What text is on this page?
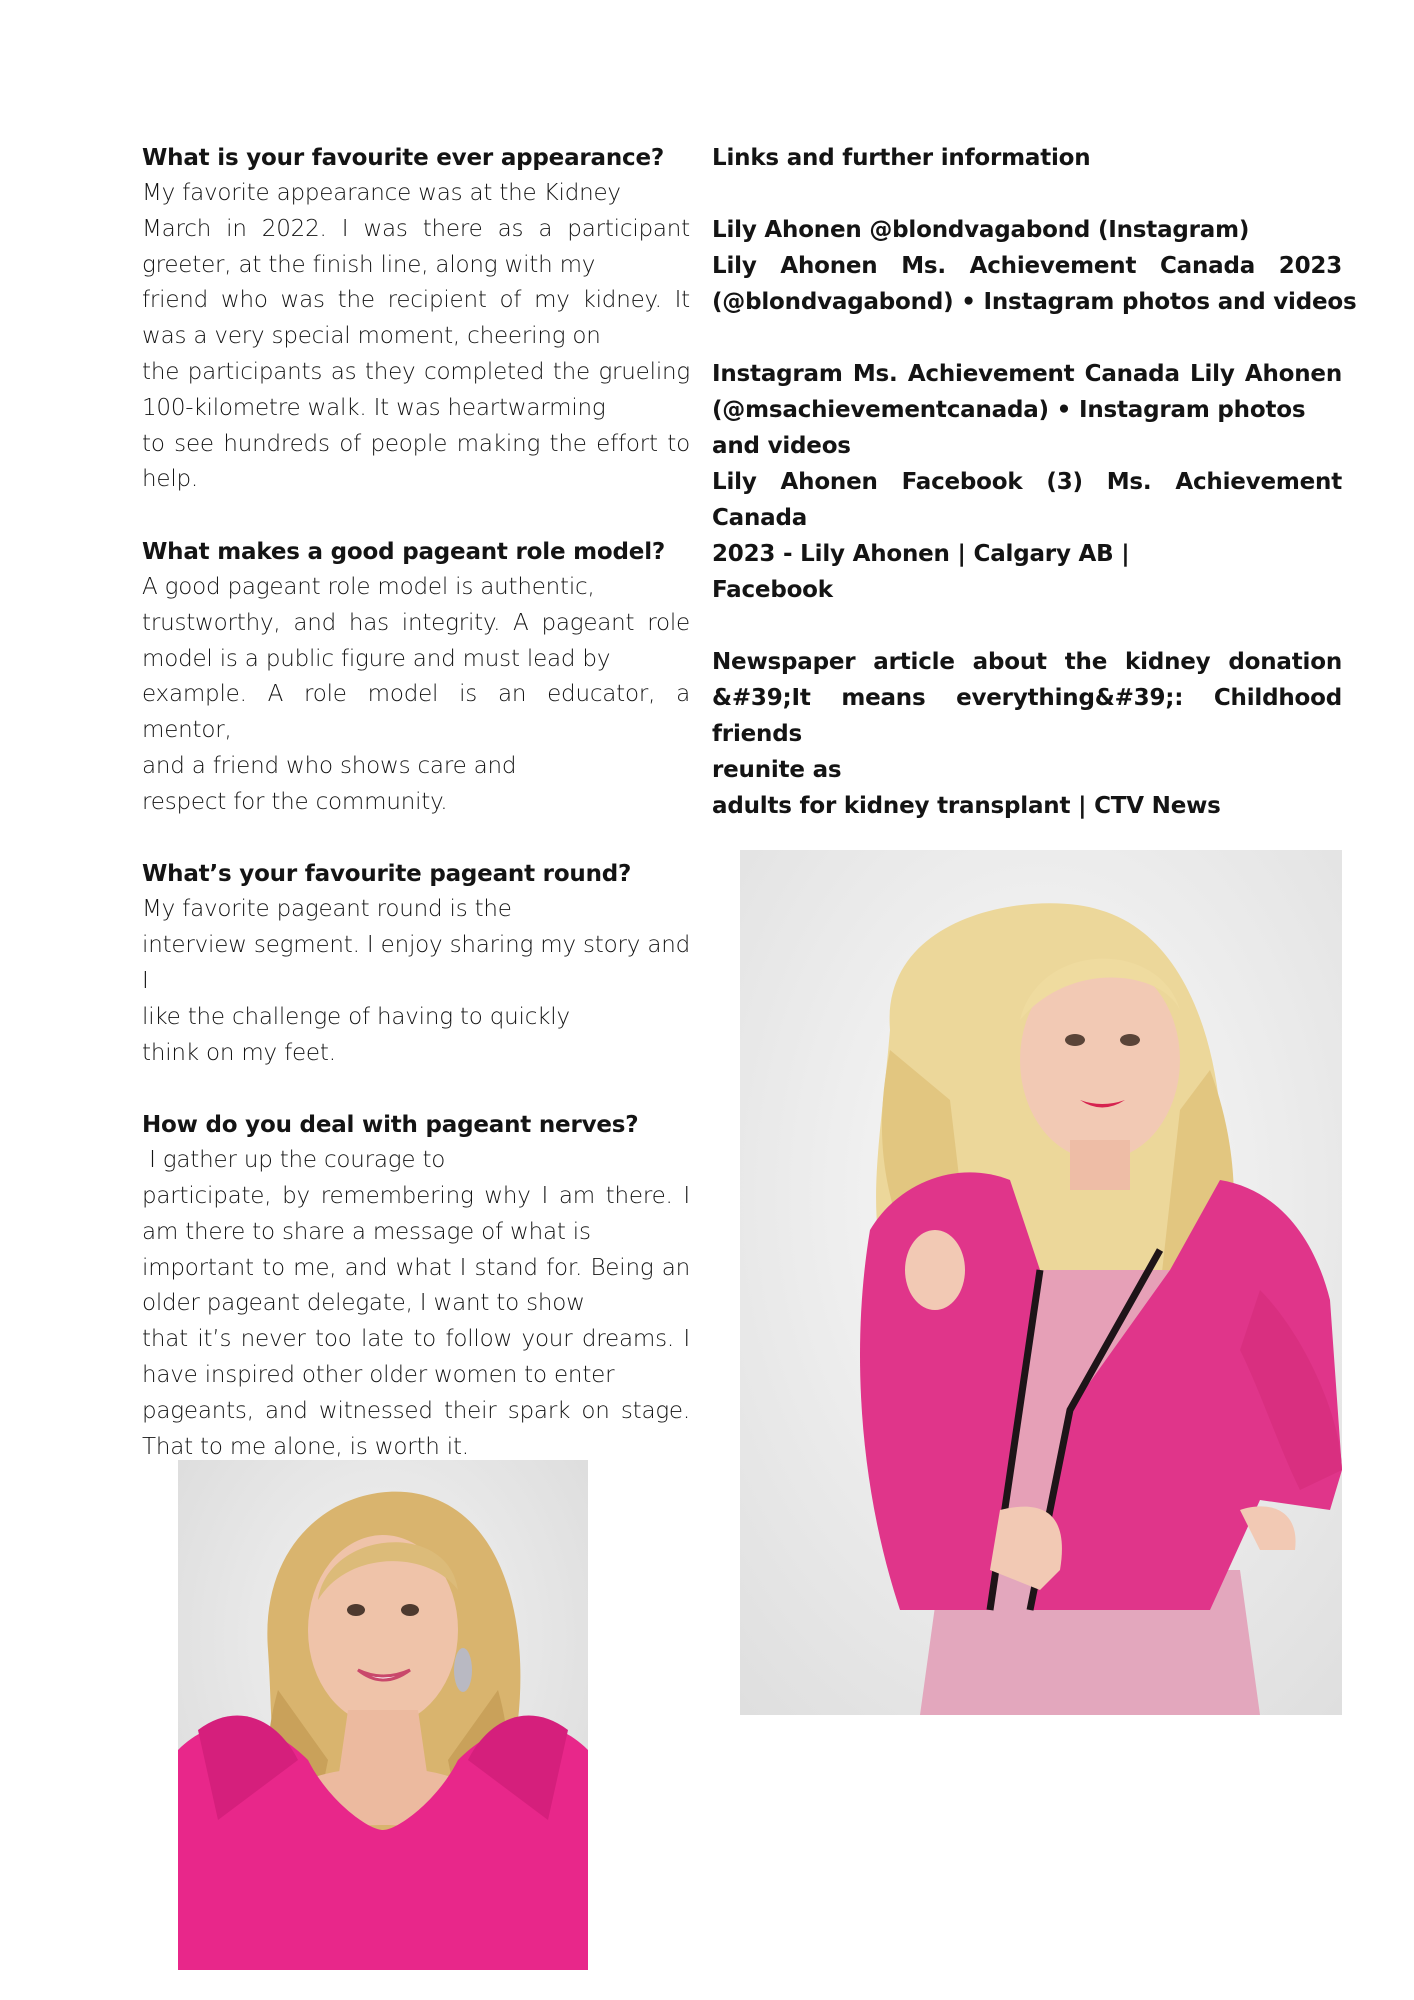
What is your favourite ever appearance?

My favorite appearance was at the Kidney
March in 2022. I was there as a participant
greeter, at the finish line, along with my
friend who was the recipient of my kidney. It
was a very special moment, cheering on
the participants as they completed the grueling
100-kilometre walk. It was heartwarming
to see hundreds of people making the effort to
help.

What makes a good pageant role model?

A good pageant role model is authentic,
trustworthy, and has integrity. A pageant role
model is a public figure and must lead by
example. A role model is an educator, a mentor,
and a friend who shows care and
respect for the community.

What’s your favourite pageant round?

My favorite pageant round is the
interview segment. I enjoy sharing my story and I
like the challenge of having to quickly
think on my feet.

How do you deal with pageant nerves?

I gather up the courage to
participate, by remembering why I am there. I
am there to share a message of what is
important to me, and what I stand for. Being an
older pageant delegate, I want to show
that it’s never too late to follow your dreams. I
have inspired other older women to enter
pageants, and witnessed their spark on stage.
That to me alone, is worth it.
Links and further information
Lily Ahonen @blondvagabond (Instagram)
Lily Ahonen Ms. Achievement Canada 2023
(@blondvagabond) • Instagram photos and videos
Instagram Ms. Achievement Canada Lily Ahonen
(@msachievementcanada) • Instagram photos
and videos
Lily Ahonen Facebook (3) Ms. Achievement Canada
2023 - Lily Ahonen | Calgary AB |
Facebook
Newspaper article about the kidney donation
&#39;It means everything&#39;: Childhood friends
reunite as
adults for kidney transplant | CTV News
